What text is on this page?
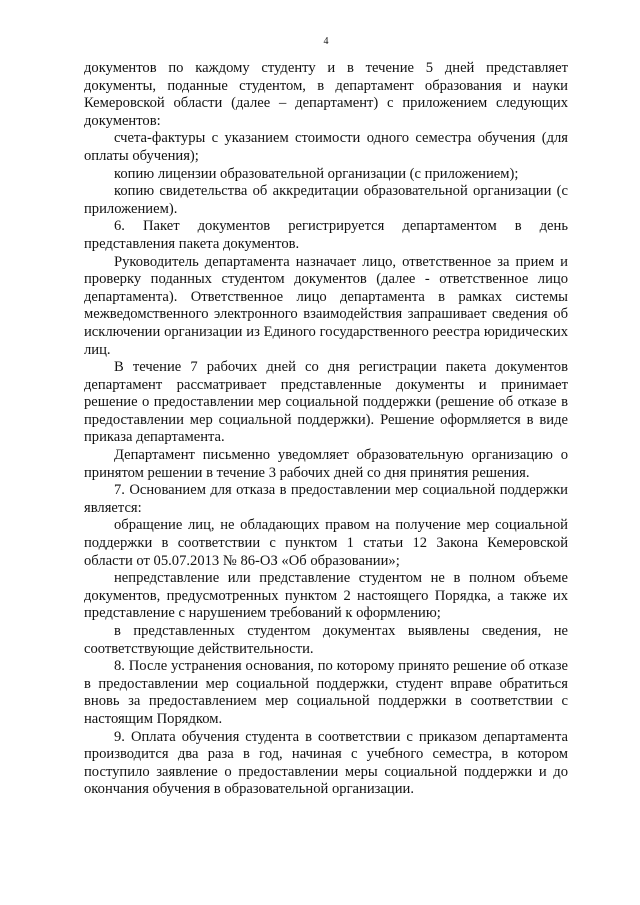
4

документов по каждому студенту и в течение 5 дней представляет документы, поданные студентом, в департамент образования и науки Кемеровской области (далее – департамент) с приложением следующих документов:

счета-фактуры с указанием стоимости одного семестра обучения (для оплаты обучения);

копию лицензии образовательной организации (с приложением);

копию свидетельства об аккредитации образовательной организации (с приложением).

6. Пакет документов регистрируется департаментом в день представления пакета документов.

Руководитель департамента назначает лицо, ответственное за прием и проверку поданных студентом документов (далее - ответственное лицо департамента). Ответственное лицо департамента в рамках системы межведомственного электронного взаимодействия запрашивает сведения об исключении организации из Единого государственного реестра юридических лиц.

В течение 7 рабочих дней со дня регистрации пакета документов департамент рассматривает представленные документы и принимает решение о предоставлении мер социальной поддержки (решение об отказе в предоставлении мер социальной поддержки). Решение оформляется в виде приказа департамента.

Департамент письменно уведомляет образовательную организацию о принятом решении в течение 3 рабочих дней со дня принятия решения.

7. Основанием для отказа в предоставлении мер социальной поддержки является:

обращение лиц, не обладающих правом на получение мер социальной поддержки в соответствии с пунктом 1 статьи 12 Закона Кемеровской области от 05.07.2013 № 86-ОЗ «Об образовании»;

непредставление или представление студентом не в полном объеме документов, предусмотренных пунктом 2 настоящего Порядка, а также их представление с нарушением требований к оформлению;

в представленных студентом документах выявлены сведения, не соответствующие действительности.

8. После устранения основания, по которому принято решение об отказе в предоставлении мер социальной поддержки, студент вправе обратиться вновь за предоставлением мер социальной поддержки в соответствии с настоящим Порядком.

9. Оплата обучения студента в соответствии с приказом департамента производится два раза в год, начиная с учебного семестра, в котором поступило заявление о предоставлении меры социальной поддержки и до окончания обучения в образовательной организации.
